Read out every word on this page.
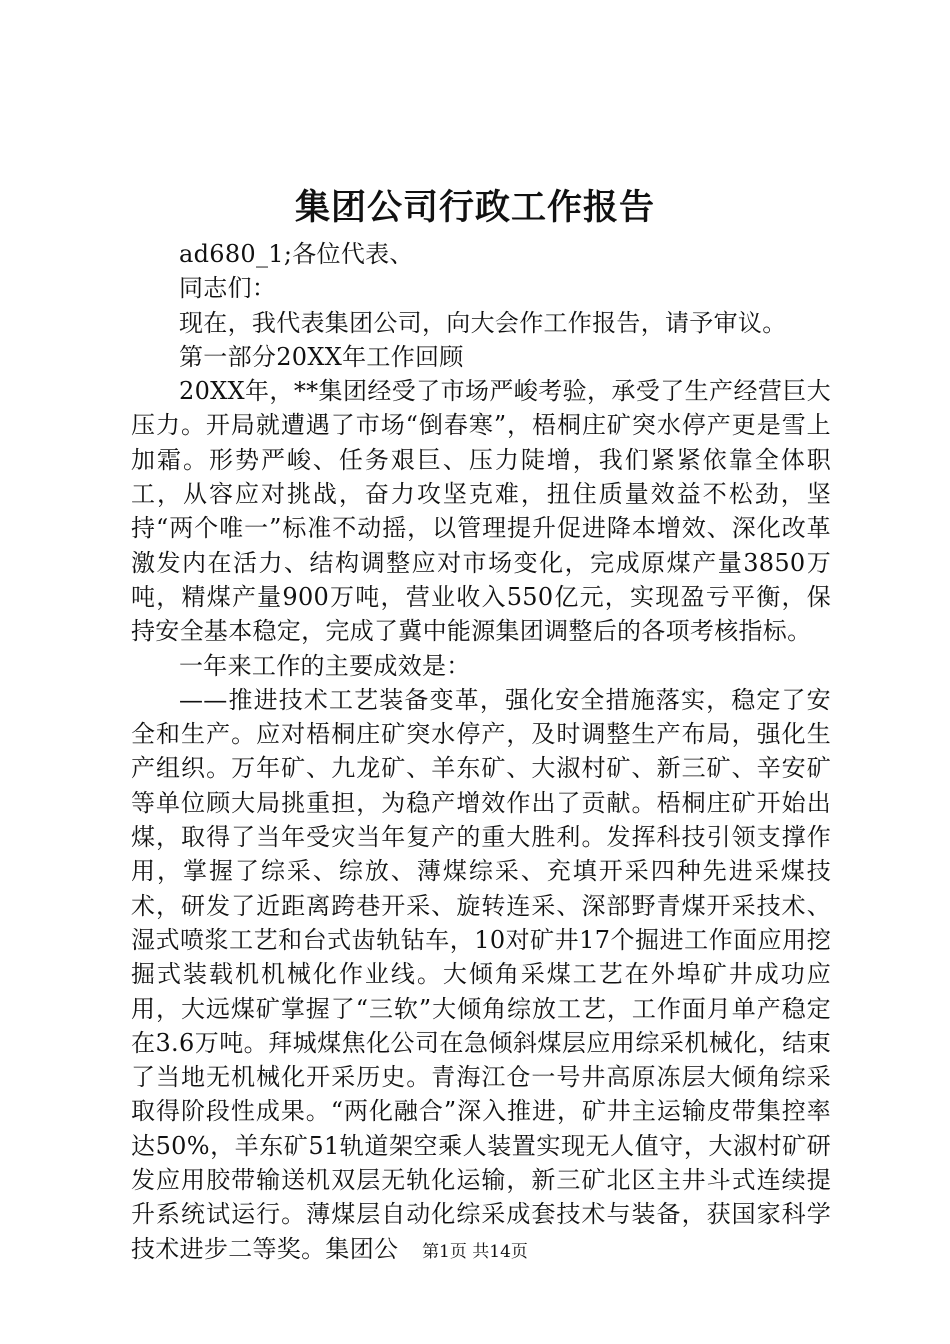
集团公司行政工作报告

ad680_1;各位代表、

同志们：

现在，我代表集团公司，向大会作工作报告，请予审议。

第一部分20XX年工作回顾

20XX年，**集团经受了市场严峻考验，承受了生产经营巨大压力。开局就遭遇了市场“倒春寒”，梧桐庄矿突水停产更是雪上加霜。形势严峻、任务艰巨、压力陡增，我们紧紧依靠全体职工，从容应对挑战，奋力攻坚克难，扭住质量效益不松劲，坚持“两个唯一”标准不动摇，以管理提升促进降本增效、深化改革激发内在活力、结构调整应对市场变化，完成原煤产量3850万吨，精煤产量900万吨，营业收入550亿元，实现盈亏平衡，保持安全基本稳定，完成了冀中能源集团调整后的各项考核指标。

一年来工作的主要成效是：

——推进技术工艺装备变革，强化安全措施落实，稳定了安全和生产。应对梧桐庄矿突水停产，及时调整生产布局，强化生产组织。万年矿、九龙矿、羊东矿、大淑村矿、新三矿、辛安矿等单位顾大局挑重担，为稳产增效作出了贡献。梧桐庄矿开始出煤，取得了当年受灾当年复产的重大胜利。发挥科技引领支撑作用，掌握了综采、综放、薄煤综采、充填开采四种先进采煤技术，研发了近距离跨巷开采、旋转连采、深部野青煤开采技术、湿式喷浆工艺和台式齿轨钻车，10对矿井17个掘进工作面应用挖掘式装载机机械化作业线。大倾角采煤工艺在外埠矿井成功应用，大远煤矿掌握了“三软”大倾角综放工艺，工作面月单产稳定在3.6万吨。拜城煤焦化公司在急倾斜煤层应用综采机械化，结束了当地无机械化开采历史。青海江仓一号井高原冻层大倾角综采取得阶段性成果。“两化融合”深入推进，矿井主运输皮带集控率达50%，羊东矿51轨道架空乘人装置实现无人值守，大淑村矿研发应用胶带输送机双层无轨化运输，新三矿北区主井斗式连续提升系统试运行。薄煤层自动化综采成套技术与装备，获国家科学技术进步二等奖。集团公	第1页 共14页
